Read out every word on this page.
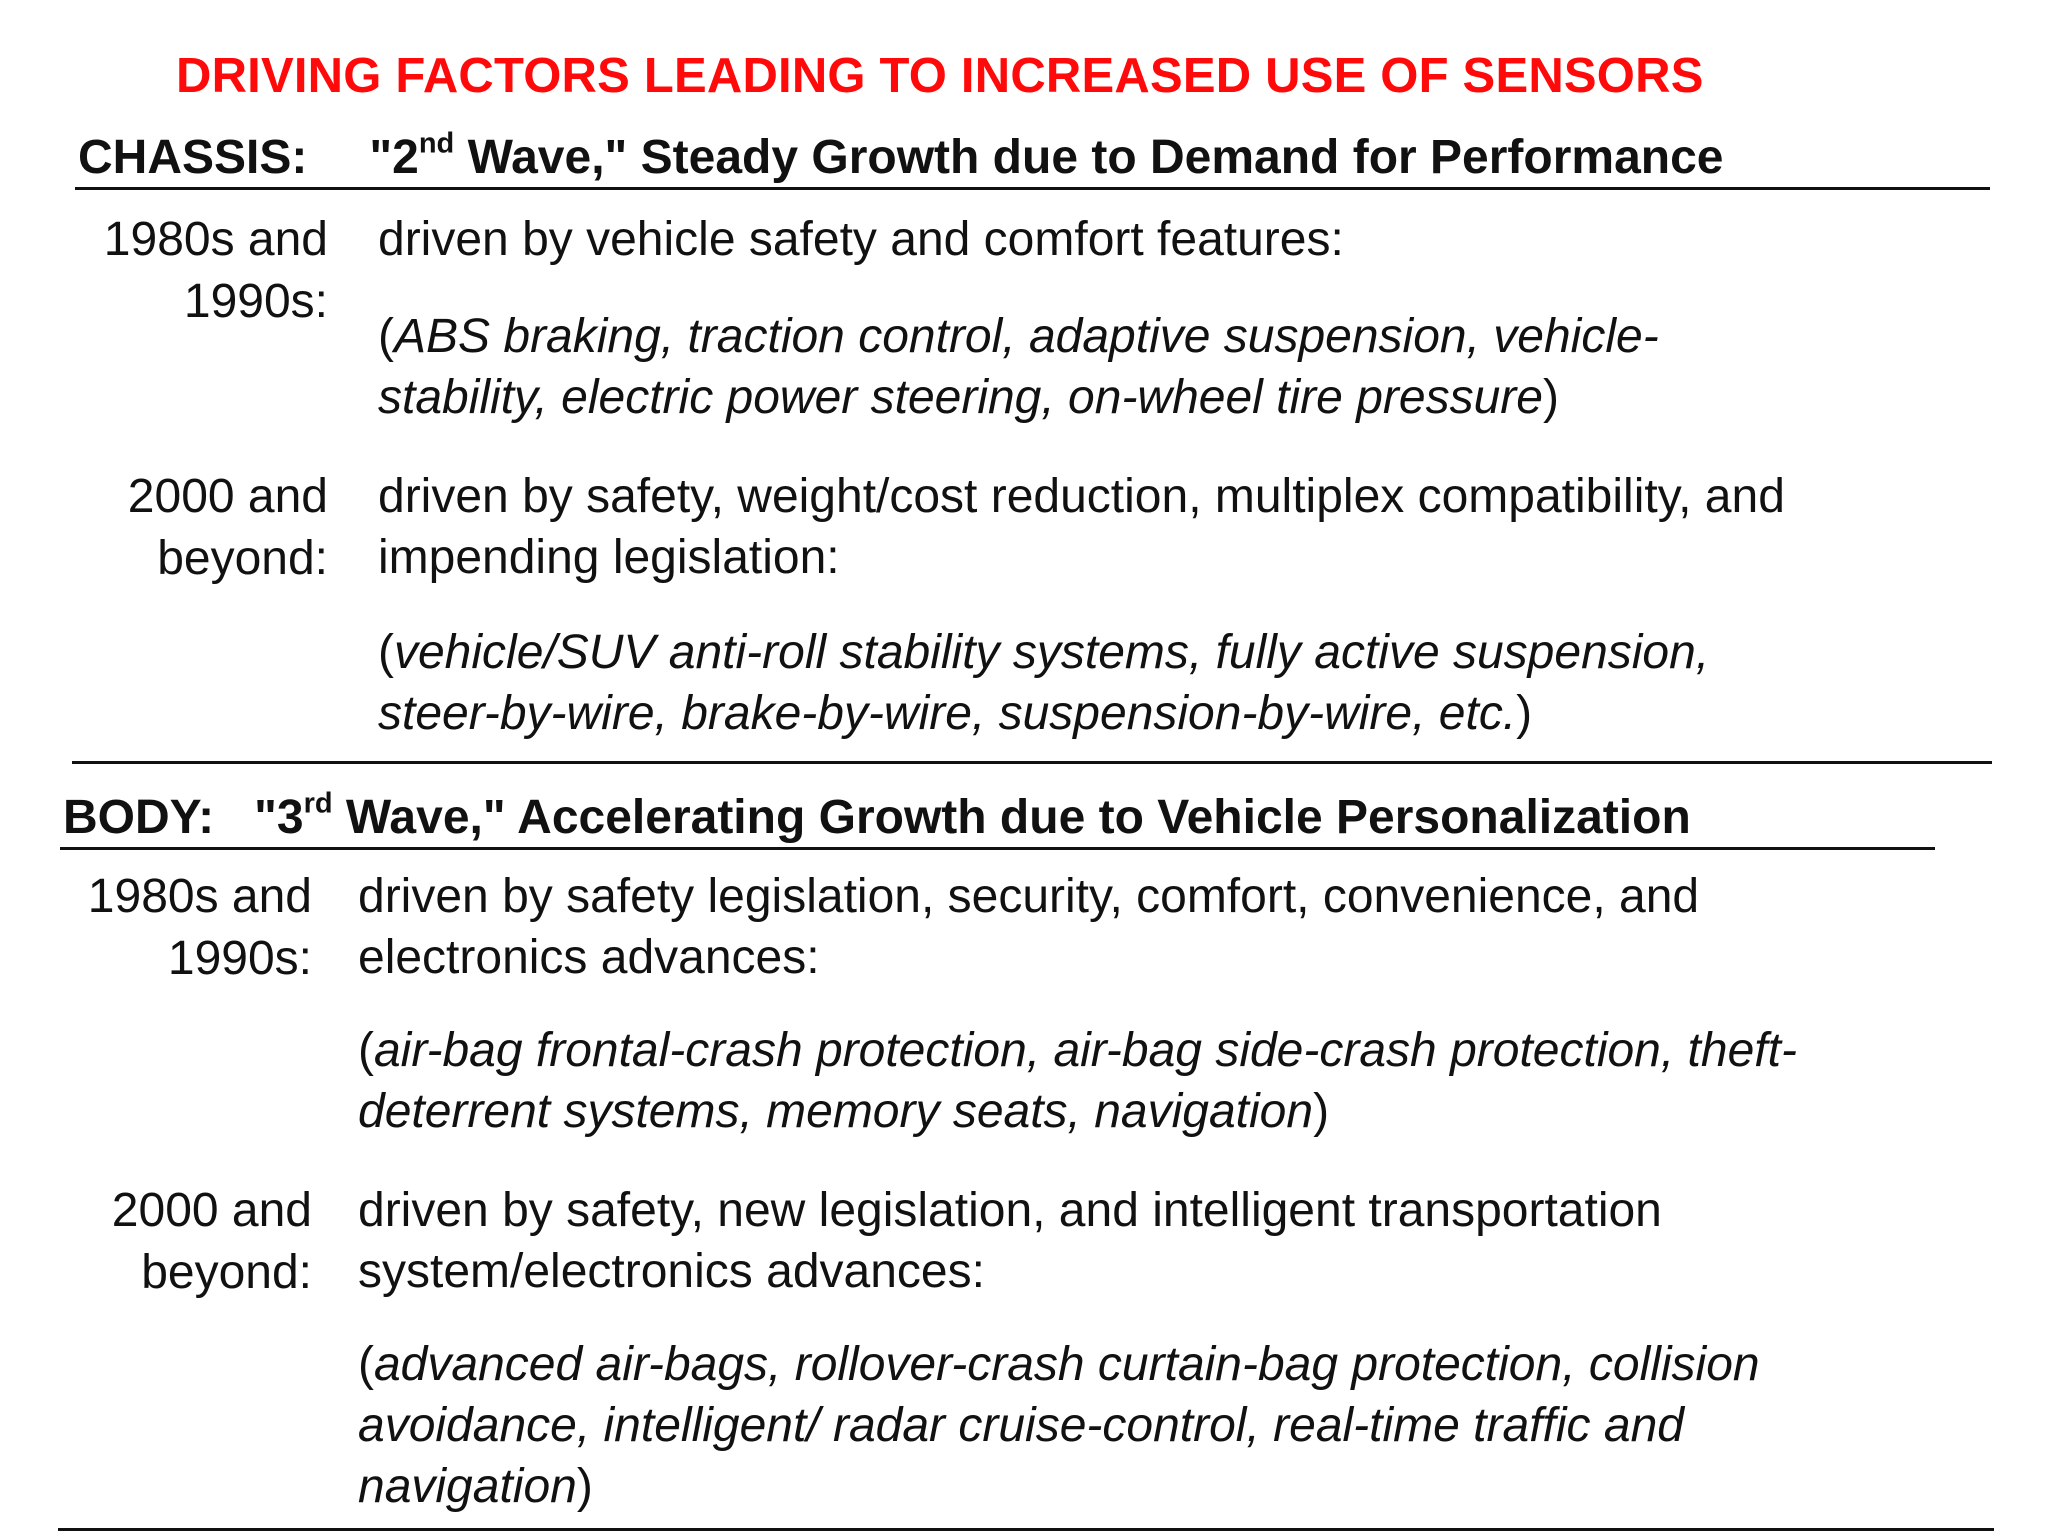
DRIVING FACTORS LEADING TO INCREASED USE OF SENSORS
CHASSIS: "2nd Wave," Steady Growth due to Demand for Performance
1980s and
1990s:
driven by vehicle safety and comfort features:
(ABS braking, traction control, adaptive suspension, vehicle-
stability, electric power steering, on-wheel tire pressure)
2000 and
beyond:
driven by safety, weight/cost reduction, multiplex compatibility, and
impending legislation:
(vehicle/SUV anti-roll stability systems, fully active suspension,
steer-by-wire, brake-by-wire, suspension-by-wire, etc.)
BODY: "3rd Wave," Accelerating Growth due to Vehicle Personalization
1980s and
1990s:
driven by safety legislation, security, comfort, convenience, and
electronics advances:
(air-bag frontal-crash protection, air-bag side-crash protection, theft-
deterrent systems, memory seats, navigation)
2000 and
beyond:
driven by safety, new legislation, and intelligent transportation
system/electronics advances:
(advanced air-bags, rollover-crash curtain-bag protection, collision
avoidance, intelligent/ radar cruise-control, real-time traffic and
navigation)
